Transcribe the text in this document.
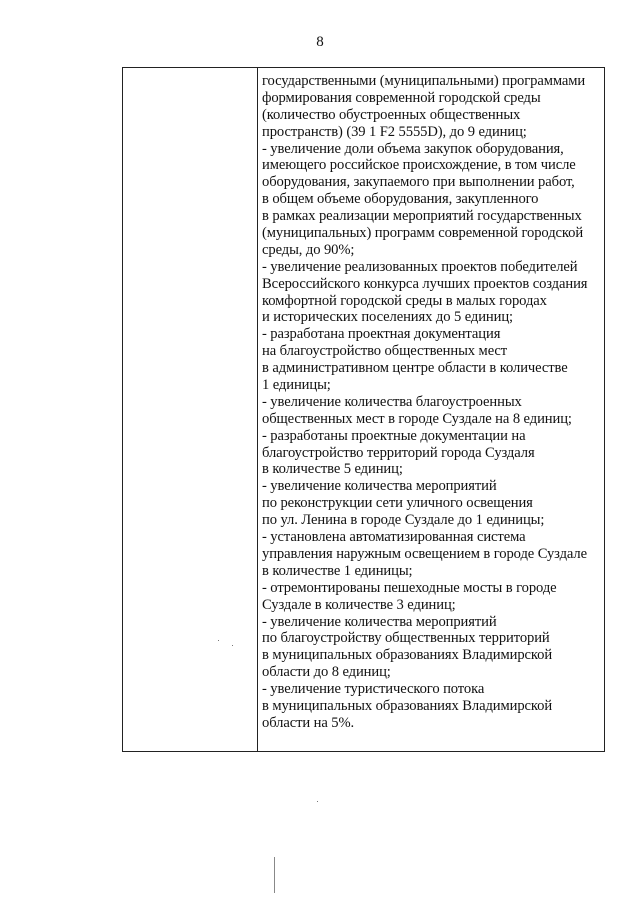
8
государственными (муниципальными) программами
формирования современной городской среды
(количество обустроенных общественных
пространств) (39 1 F2 5555D), до 9 единиц;
- увеличение доли объема закупок оборудования,
имеющего российское происхождение, в том числе
оборудования, закупаемого при выполнении работ,
в общем объеме оборудования, закупленного
в рамках реализации мероприятий государственных
(муниципальных) программ современной городской
среды, до 90%;
- увеличение реализованных проектов победителей
Всероссийского конкурса лучших проектов создания
комфортной городской среды в малых городах
и исторических поселениях до 5 единиц;
- разработана проектная документация
на благоустройство общественных мест
в административном центре области в количестве
1 единицы;
- увеличение количества благоустроенных
общественных мест в городе Суздале на 8 единиц;
- разработаны проектные документации на
благоустройство территорий города Суздаля
в количестве 5 единиц;
- увеличение количества мероприятий
по реконструкции сети уличного освещения
по ул. Ленина в городе Суздале до 1 единицы;
- установлена автоматизированная система
управления наружным освещением в городе Суздале
в количестве 1 единицы;
- отремонтированы пешеходные мосты в городе
Суздале в количестве 3 единиц;
- увеличение количества мероприятий
по благоустройству общественных территорий
в муниципальных образованиях Владимирской
области до 8 единиц;
- увеличение туристического потока
в муниципальных образованиях Владимирской
области на 5%.
